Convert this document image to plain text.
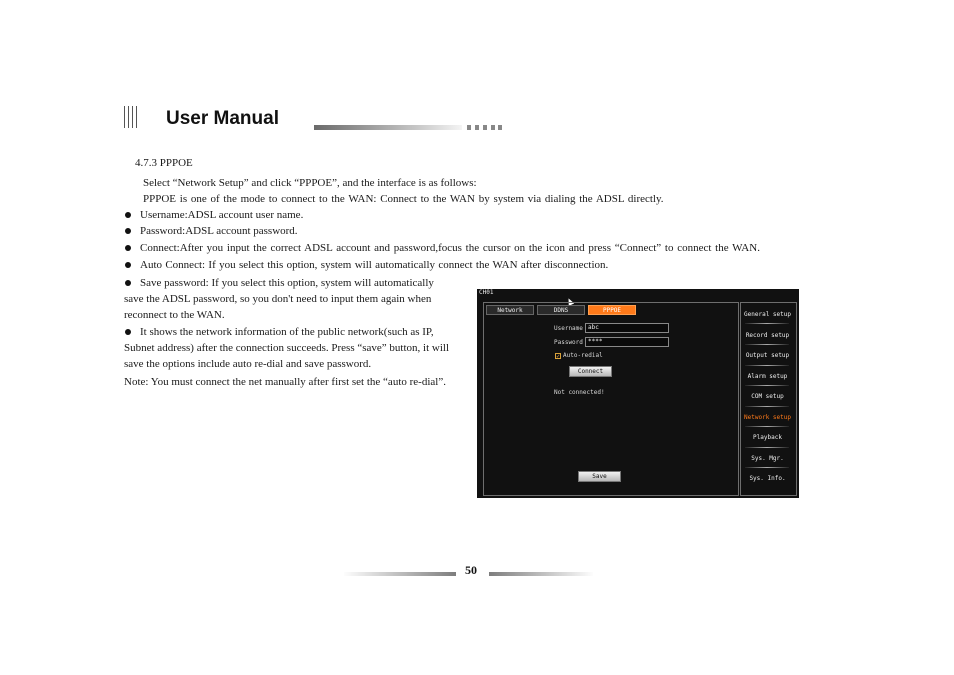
User Manual
4.7.3 PPPOE
Select “Network Setup” and click “PPPOE”, and the interface is as follows:
PPPOE is one of the mode to connect to the WAN: Connect to the WAN by system via dialing the ADSL directly.
Username:ADSL account user name.
Password:ADSL account password.
Connect:After you input the correct ADSL account and password,focus the cursor on the icon and press “Connect” to connect the WAN.
Auto Connect: If you select this option, system will automatically connect the WAN after disconnection.
Save password: If you select this option, system will automatically
save the ADSL password, so you don't need to input them again when
reconnect to the WAN.
It shows the network information of the public network(such as IP,
Subnet address) after the connection succeeds. Press “save” button, it will
save the options include auto re-dial and save password.
Note: You must connect the net manually after first set the “auto re-dial”.
CH01
Network	DDNS	PPPOE
Username abc
Password ****
✓ Auto-redial
Connect
Not connected!
Save
General setup
Record setup
Output setup
Alarm setup
COM setup
Network setup
Playback
Sys. Mgr.
Sys. Info.
50
